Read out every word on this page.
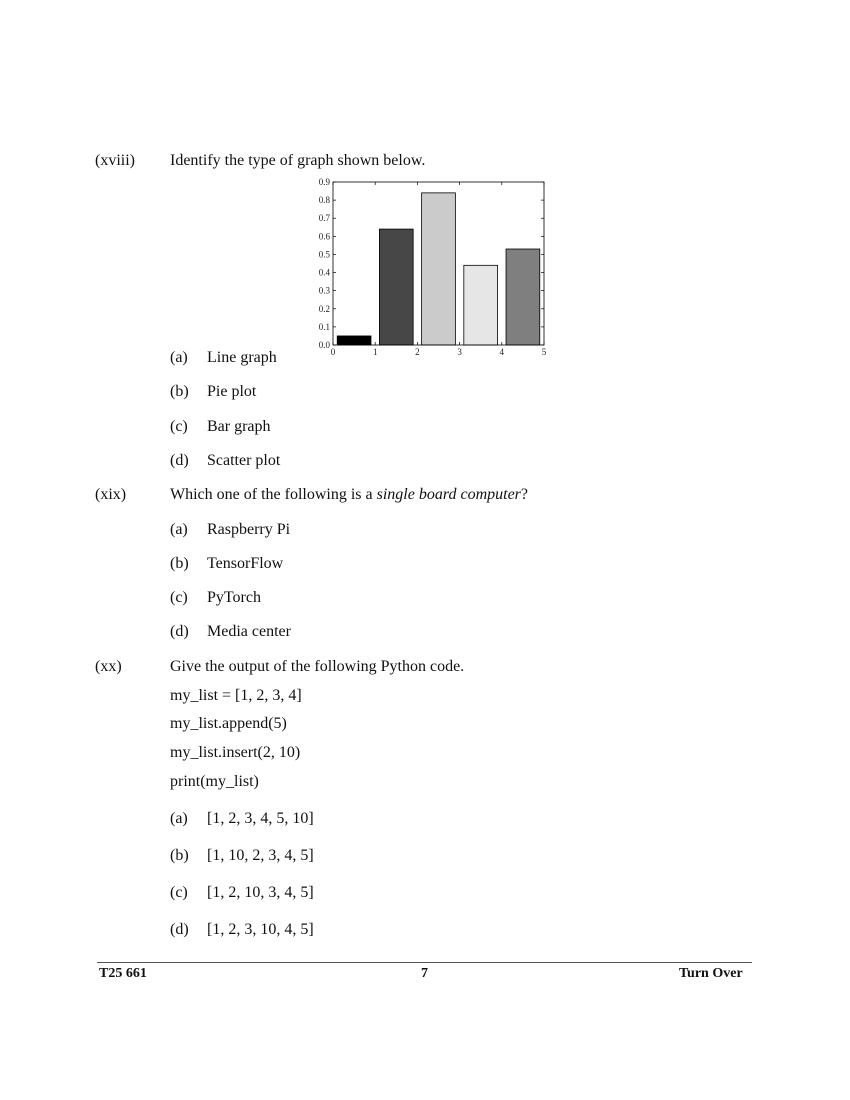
(xviii) Identify the type of graph shown below.
0.0
0.1
0.2
0.3
0.4
0.5
0.6
0.7
0.8
0.9
0	1	2	3	4	5
(a) Line graph
(b) Pie plot
(c) Bar graph
(d) Scatter plot
(xix)	Which one of the following is a single board computer?
(a) Raspberry Pi
(b) TensorFlow
(c) PyTorch
(d) Media center
(xx)	Give the output of the following Python code.
my_list = [1, 2, 3, 4]
my_list.append(5)
my_list.insert(2, 10)
print(my_list)
(a) [1, 2, 3, 4, 5, 10]
(b) [1, 10, 2, 3, 4, 5]
(c) [1, 2, 10, 3, 4, 5]
(d) [1, 2, 3, 10, 4, 5]
T25 661	7	Turn Over
